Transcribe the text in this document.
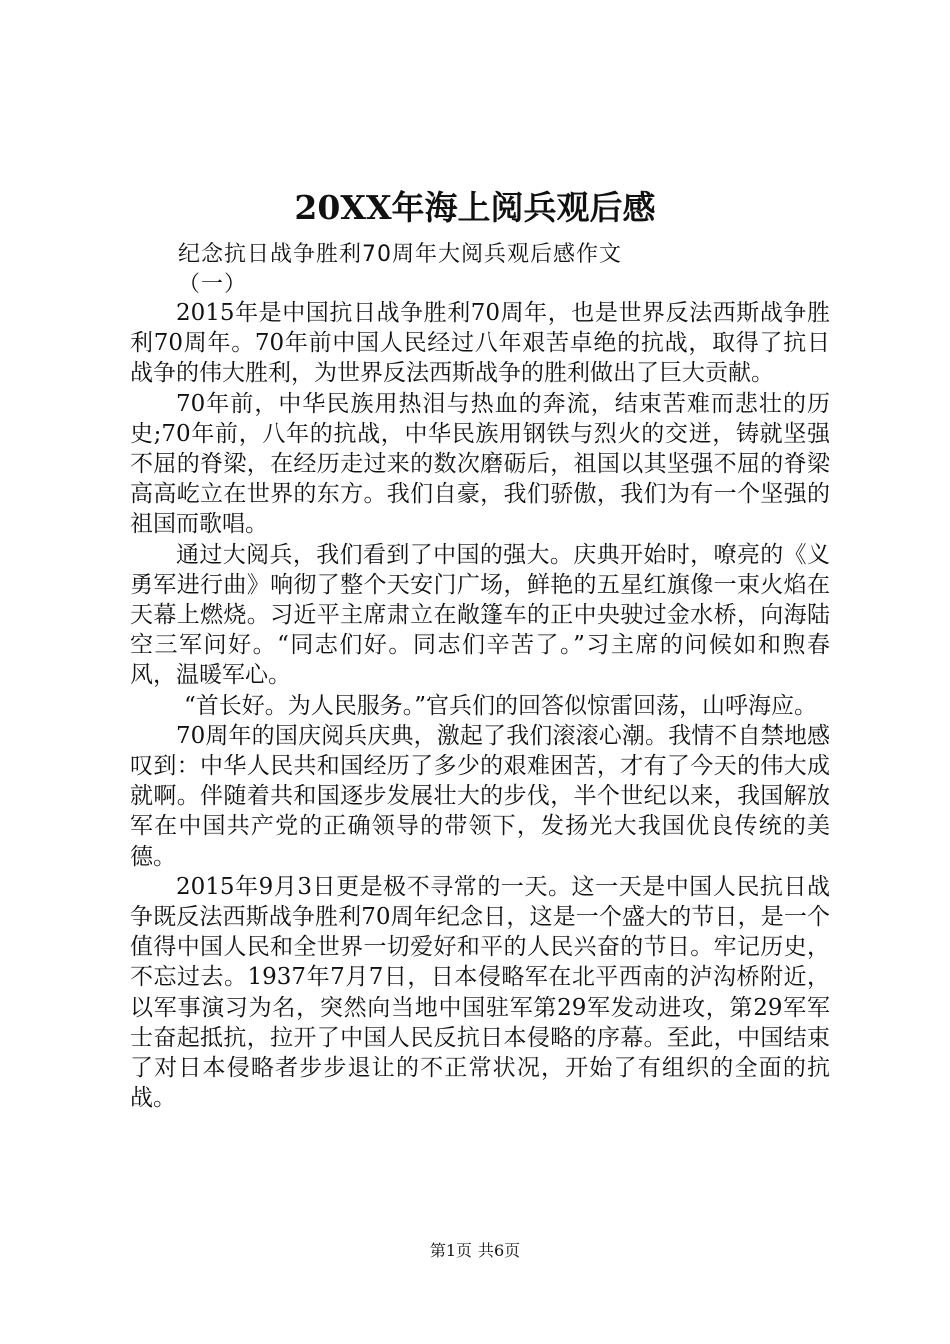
20XX年海上阅兵观后感
纪念抗日战争胜利70周年大阅兵观后感作文
（一）

2015年是中国抗日战争胜利70周年，也是世界反法西斯战争胜利70周年。70年前中国人民经过八年艰苦卓绝的抗战，取得了抗日战争的伟大胜利，为世界反法西斯战争的胜利做出了巨大贡献。

70年前，中华民族用热泪与热血的奔流，结束苦难而悲壮的历史;70年前，八年的抗战，中华民族用钢铁与烈火的交迸，铸就坚强不屈的脊梁，在经历走过来的数次磨砺后，祖国以其坚强不屈的脊梁高高屹立在世界的东方。我们自豪，我们骄傲，我们为有一个坚强的祖国而歌唱。

通过大阅兵，我们看到了中国的强大。庆典开始时，嘹亮的《义勇军进行曲》响彻了整个天安门广场，鲜艳的五星红旗像一束火焰在天幕上燃烧。习近平主席肃立在敞篷车的正中央驶过金水桥，向海陆空三军问好。“同志们好。同志们辛苦了。”习主席的问候如和煦春风，温暖军心。

“首长好。为人民服务。”官兵们的回答似惊雷回荡，山呼海应。

70周年的国庆阅兵庆典，激起了我们滚滚心潮。我情不自禁地感叹到：中华人民共和国经历了多少的艰难困苦，才有了今天的伟大成就啊。伴随着共和国逐步发展壮大的步伐，半个世纪以来，我国解放军在中国共产党的正确领导的带领下，发扬光大我国优良传统的美德。

2015年9月3日更是极不寻常的一天。这一天是中国人民抗日战争既反法西斯战争胜利70周年纪念日，这是一个盛大的节日，是一个值得中国人民和全世界一切爱好和平的人民兴奋的节日。牢记历史，不忘过去。1937年7月7日，日本侵略军在北平西南的泸沟桥附近，以军事演习为名，突然向当地中国驻军第29军发动进攻，第29军军士奋起抵抗，拉开了中国人民反抗日本侵略的序幕。至此，中国结束了对日本侵略者步步退让的不正常状况，开始了有组织的全面的抗战。

第1页 共6页
